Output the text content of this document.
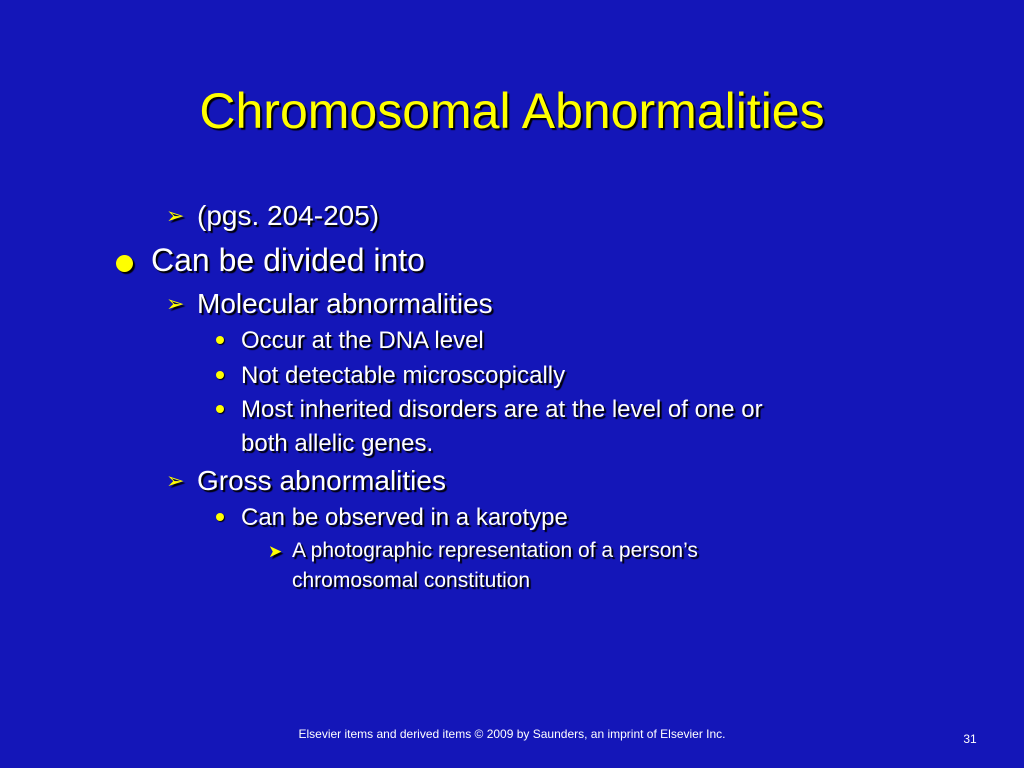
Chromosomal Abnormalities
➢ (pgs. 204-205)
Can be divided into
➢ Molecular abnormalities
Occur at the DNA level
Not detectable microscopically
Most inherited disorders are at the level of one or
both allelic genes.
➢ Gross abnormalities
Can be observed in a karotype
➤ A photographic representation of a person’s
chromosomal constitution
Elsevier items and derived items © 2009 by Saunders, an imprint of Elsevier Inc.	31
